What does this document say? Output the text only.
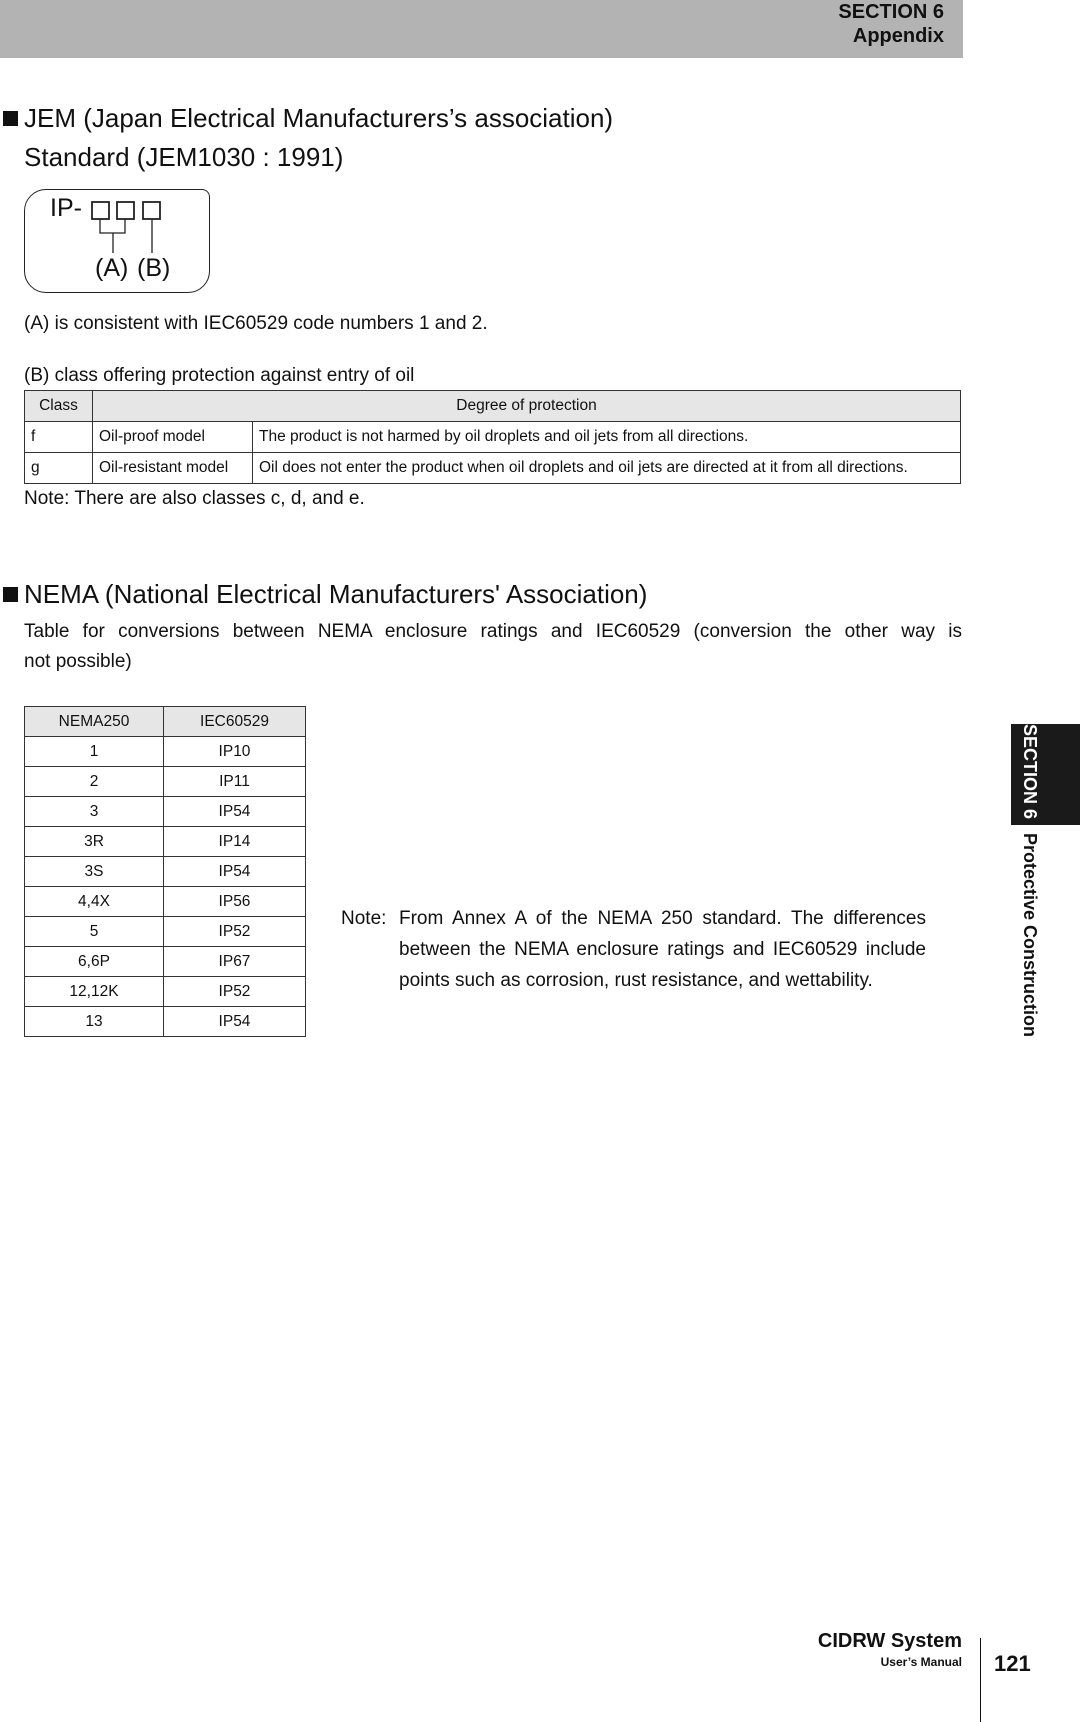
SECTION 6
Appendix
SECTION 6Protective Construction
JEM (Japan Electrical Manufacturers’s association)
Standard (JEM1030 : 1991)
IP-
(A) (B)
(A) is consistent with IEC60529 code numbers 1 and 2.
(B) class offering protection against entry of oil
Class	Degree of protection	
f	Oil-proof model	The product is not harmed by oil droplets and oil jets from all directions.
g	Oil-resistant model	Oil does not enter the product when oil droplets and oil jets are directed at it from all directions.
Note: There are also classes c, d, and e.
NEMA (National Electrical Manufacturers' Association)
Table for conversions between NEMA enclosure ratings and IEC60529 (conversion the other way is
not possible)
NEMA250	IEC60529
1	IP10
2	IP11
3	IP54
3R	IP14
3S	IP54
4,4X	IP56
5	IP52
6,6P	IP67
12,12K	IP52
13	IP54
Note: From Annex A of the NEMA 250 standard. The differences between the NEMA enclosure ratings and IEC60529 include points such as corrosion, rust resistance, and wettability.
CIDRW System
User’s Manual 121
